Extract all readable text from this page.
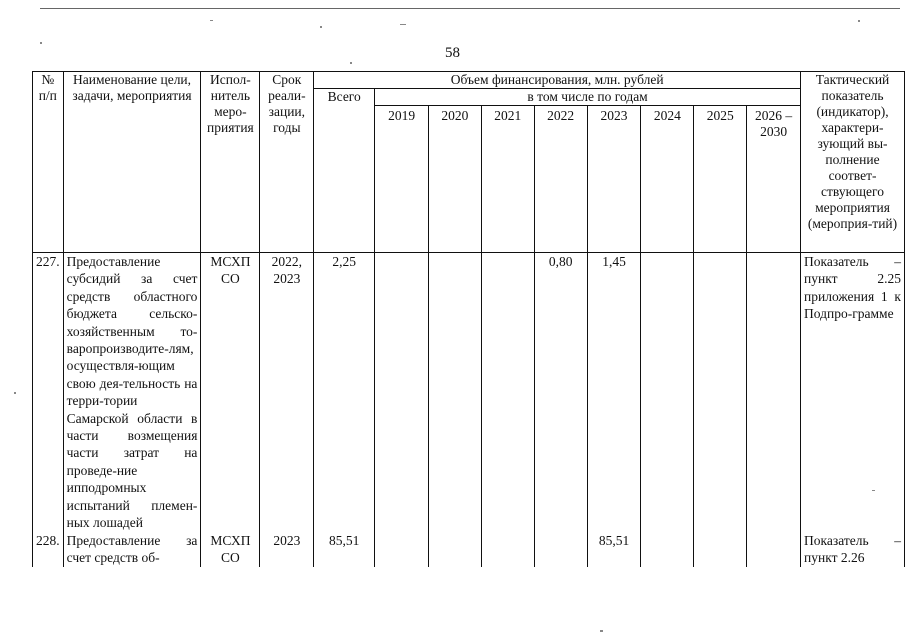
58
№ п/п	Наименование цели, задачи, мероприятия	Испол-нитель меро-приятия	Срок реали-зации, годы	Объем финансирования, млн. рублей									Тактический показатель (индикатор), характери-зующий вы-полнение соответ-ствующего мероприятия (мероприя-тий)
				Всего	в том числе по годам								

					2019	2020	2021	2022	2023	2024	2025	2026 – 2030	

227.	Предоставление субсидий за счет средств областного бюджета сельско-хозяйственным то-варопроизводите-лям, осуществля-ющим свою дея-тельность на терри-тории Самарской области в части возмещения части затрат на проведе-ние ипподромных испытаний племен-ных лошадей	МСХП СО	2022, 2023	2,25				0,80	1,45				Показатель – пункт 2.25 приложения 1 к Подпро-грамме
228.	Предоставление за счет средств об-	МСХП СО	2023	85,51					85,51				Показатель – пункт 2.26
